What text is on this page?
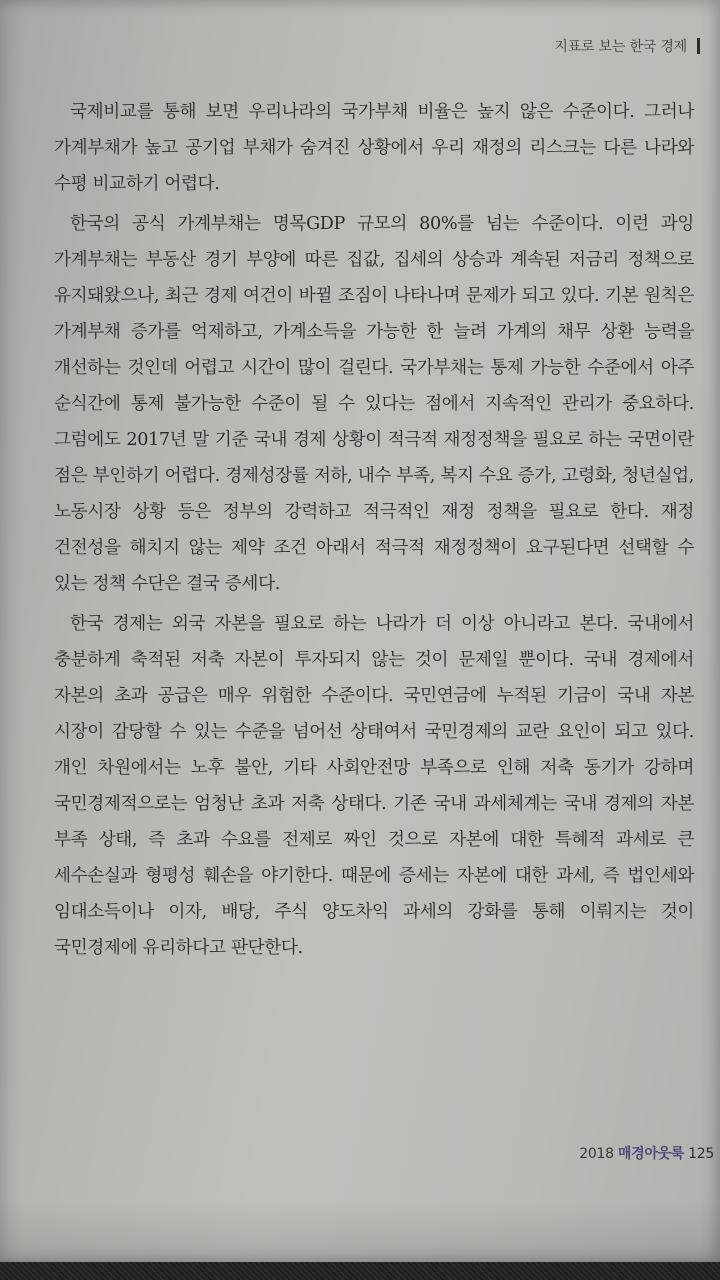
지표로 보는 한국 경제

국제비교를 통해 보면 우리나라의 국가부채 비율은 높지 않은 수준이다. 그러나 가계부채가 높고 공기업 부채가 숨겨진 상황에서 우리 재정의 리스크는 다른 나라와 수평 비교하기 어렵다.

한국의 공식 가계부채는 명목GDP 규모의 80%를 넘는 수준이다. 이런 과잉 가계부채는 부동산 경기 부양에 따른 집값, 집세의 상승과 계속된 저금리 정책으로 유지돼왔으나, 최근 경제 여건이 바뀔 조짐이 나타나며 문제가 되고 있다. 기본 원칙은 가계부채 증가를 억제하고, 가계소득을 가능한 한 늘려 가계의 채무 상환 능력을 개선하는 것인데 어렵고 시간이 많이 걸린다. 국가부채는 통제 가능한 수준에서 아주 순식간에 통제 불가능한 수준이 될 수 있다는 점에서 지속적인 관리가 중요하다. 그럼에도 2017년 말 기준 국내 경제 상황이 적극적 재정정책을 필요로 하는 국면이란 점은 부인하기 어렵다. 경제성장률 저하, 내수 부족, 복지 수요 증가, 고령화, 청년실업, 노동시장 상황 등은 정부의 강력하고 적극적인 재정 정책을 필요로 한다. 재정 건전성을 해치지 않는 제약 조건 아래서 적극적 재정정책이 요구된다면 선택할 수 있는 정책 수단은 결국 증세다.

한국 경제는 외국 자본을 필요로 하는 나라가 더 이상 아니라고 본다. 국내에서 충분하게 축적된 저축 자본이 투자되지 않는 것이 문제일 뿐이다. 국내 경제에서 자본의 초과 공급은 매우 위험한 수준이다. 국민연금에 누적된 기금이 국내 자본 시장이 감당할 수 있는 수준을 넘어선 상태여서 국민경제의 교란 요인이 되고 있다. 개인 차원에서는 노후 불안, 기타 사회안전망 부족으로 인해 저축 동기가 강하며 국민경제적으로는 엄청난 초과 저축 상태다. 기존 국내 과세체계는 국내 경제의 자본 부족 상태, 즉 초과 수요를 전제로 짜인 것으로 자본에 대한 특혜적 과세로 큰 세수손실과 형평성 훼손을 야기한다. 때문에 증세는 자본에 대한 과세, 즉 법인세와 임대소득이나 이자, 배당, 주식 양도차익 과세의 강화를 통해 이뤄지는 것이 국민경제에 유리하다고 판단한다.

2018 매경아웃룩 125
